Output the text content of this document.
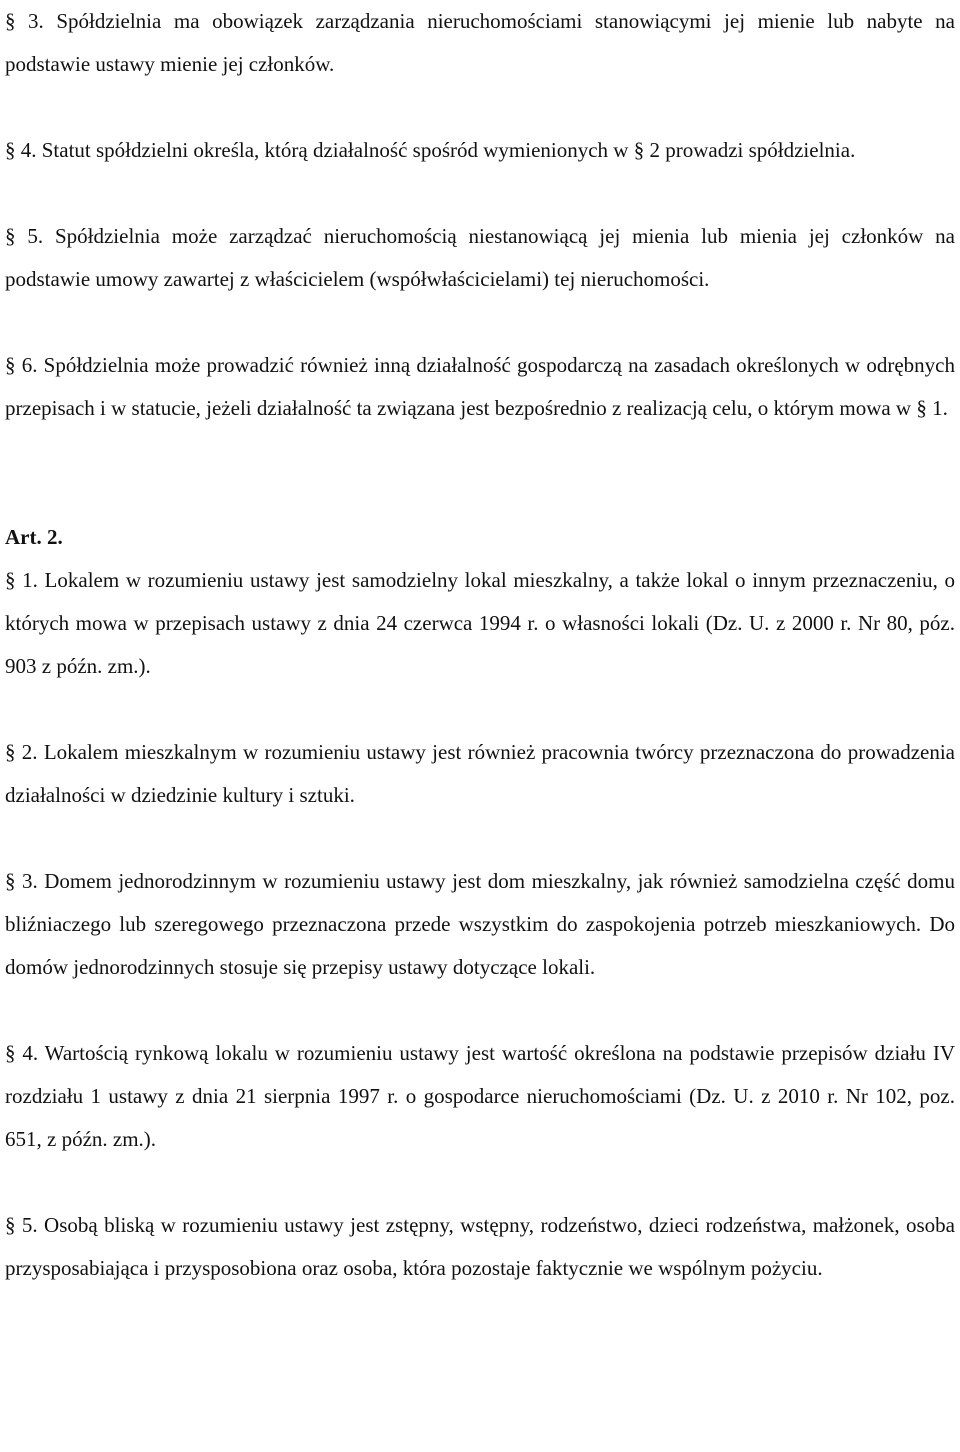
§ 3. Spółdzielnia ma obowiązek zarządzania nieruchomościami stanowiącymi jej mienie lub nabyte na podstawie ustawy mienie jej członków.

§ 4. Statut spółdzielni określa, którą działalność spośród wymienionych w § 2 prowadzi spółdzielnia.

§ 5. Spółdzielnia może zarządzać nieruchomością niestanowiącą jej mienia lub mienia jej członków na podstawie umowy zawartej z właścicielem (współwłaścicielami) tej nieruchomości.

§ 6. Spółdzielnia może prowadzić również inną działalność gospodarczą na zasadach określonych w odrębnych przepisach i w statucie, jeżeli działalność ta związana jest bezpośrednio z realizacją celu, o którym mowa w § 1.

Art. 2.

§ 1. Lokalem w rozumieniu ustawy jest samodzielny lokal mieszkalny, a także lokal o innym przeznaczeniu, o których mowa w przepisach ustawy z dnia 24 czerwca 1994 r. o własności lokali (Dz. U. z 2000 r. Nr 80, póz. 903 z późn. zm.).

§ 2. Lokalem mieszkalnym w rozumieniu ustawy jest również pracownia twórcy przeznaczona do prowadzenia działalności w dziedzinie kultury i sztuki.

§ 3. Domem jednorodzinnym w rozumieniu ustawy jest dom mieszkalny, jak również samodzielna część domu bliźniaczego lub szeregowego przeznaczona przede wszystkim do zaspokojenia potrzeb mieszkaniowych. Do domów jednorodzinnych stosuje się przepisy ustawy dotyczące lokali.

§ 4. Wartością rynkową lokalu w rozumieniu ustawy jest wartość określona na podstawie przepisów działu IV rozdziału 1 ustawy z dnia 21 sierpnia 1997 r. o gospodarce nieruchomościami (Dz. U. z 2010 r. Nr 102, poz. 651, z późn. zm.).

§ 5. Osobą bliską w rozumieniu ustawy jest zstępny, wstępny, rodzeństwo, dzieci rodzeństwa, małżonek, osoba przysposabiająca i przysposobiona oraz osoba, która pozostaje faktycznie we wspólnym pożyciu.
